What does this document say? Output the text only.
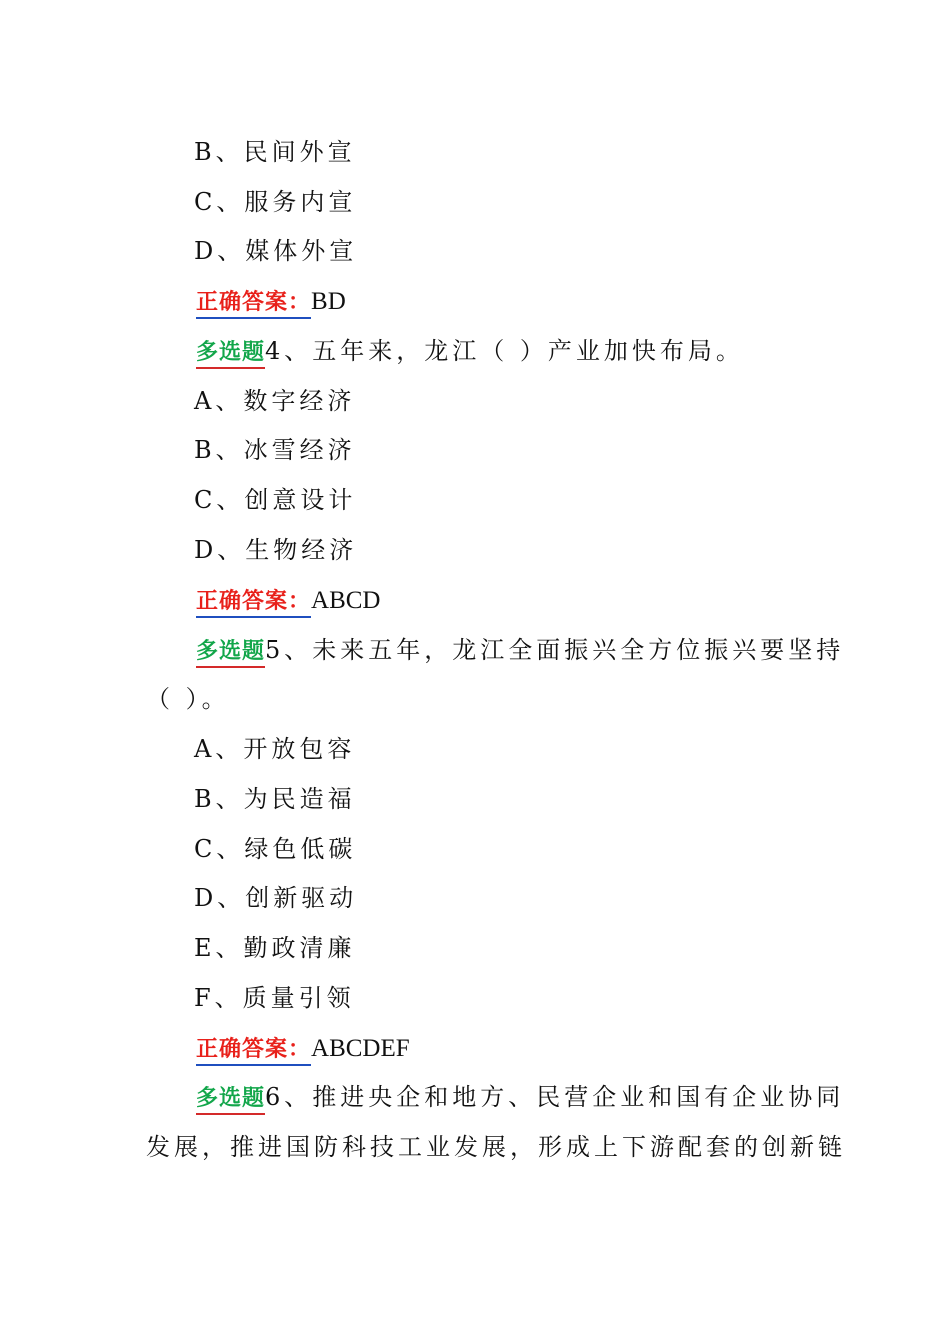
B、民间外宣
C、服务内宣
D、媒体外宣
正确答案：BD
多选题4、五年来，龙江（ ）产业加快布局。
A、数字经济
B、冰雪经济
C、创意设计
D、生物经济
正确答案：ABCD
多选题5、未来五年，龙江全面振兴全方位振兴要坚持
（ ）。
A、开放包容
B、为民造福
C、绿色低碳
D、创新驱动
E、勤政清廉
F、质量引领
正确答案：ABCDEF
多选题6、推进央企和地方、民营企业和国有企业协同
发展，推进国防科技工业发展，形成上下游配套的创新链
